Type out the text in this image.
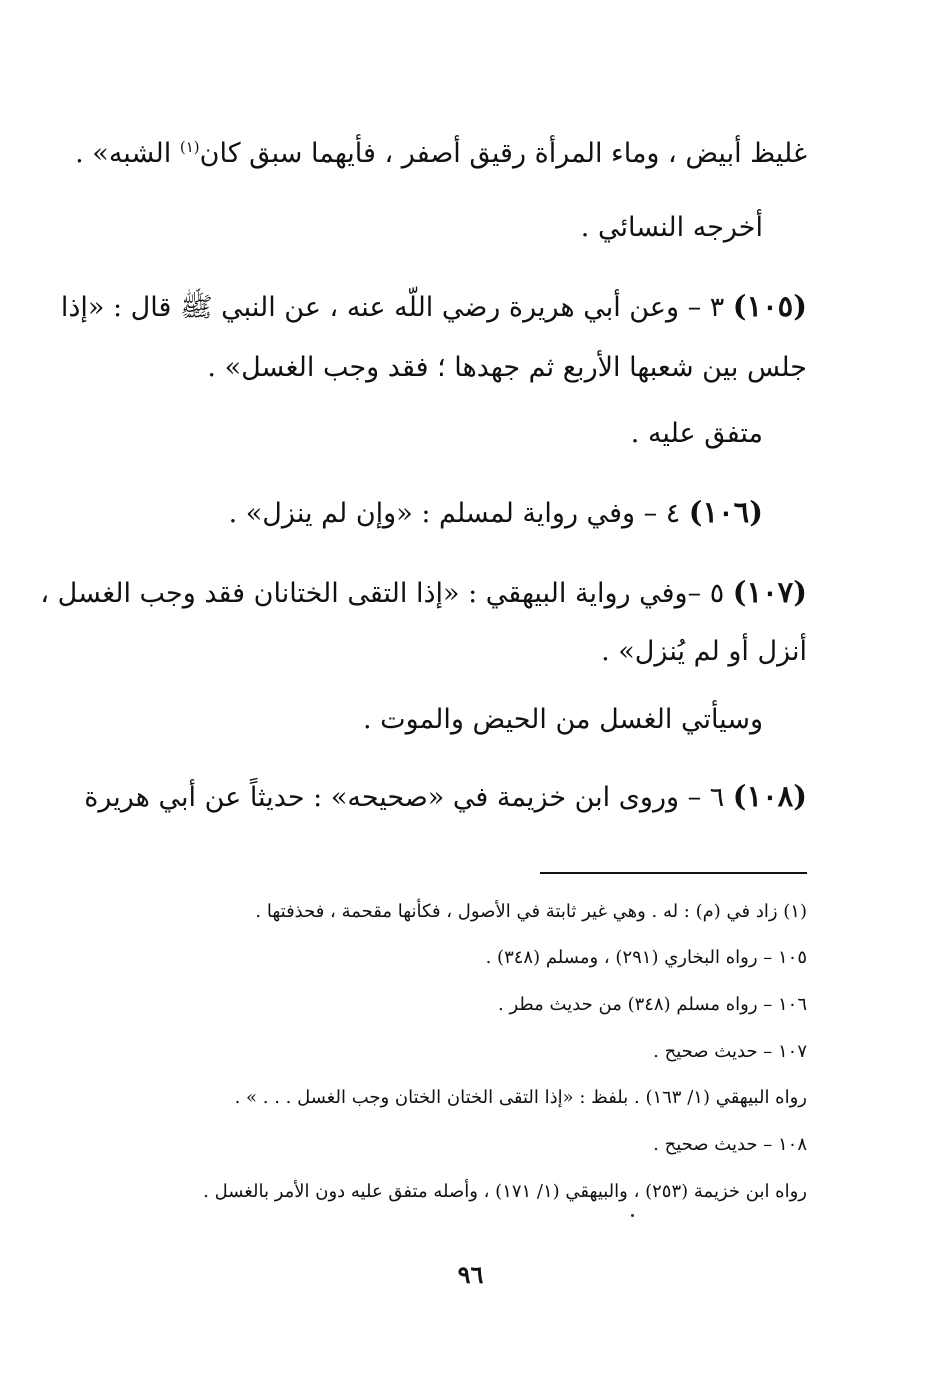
غليظ أبيض ، وماء المرأة رقيق أصفر ، فأيهما سبق كان$^{(١)}$ الشبه» .
أخرجه النسائي .
(١٠٥) ٣ – وعن أبي هريرة رضي اللّه عنه ، عن النبي ﷺ قال : «إذا
جلس بين شعبها الأربع ثم جهدها ؛ فقد وجب الغسل» .
متفق عليه .
(١٠٦) ٤ – وفي رواية لمسلم : «وإن لم ينزل» .
(١٠٧) ٥ –وفي رواية البيهقي : «إذا التقى الختانان فقد وجب الغسل ،
أنزل أو لم يُنزل» .
وسيأتي الغسل من الحيض والموت .
(١٠٨) ٦ – وروى ابن خزيمة في «صحيحه» : حديثاً عن أبي هريرة
(١) زاد في (م) : له . وهي غير ثابتة في الأصول ، فكأنها مقحمة ، فحذفتها .
١٠٥ – رواه البخاري (٢٩١) ، ومسلم (٣٤٨) .
١٠٦ – رواه مسلم (٣٤٨) من حديث مطر .
١٠٧ – حديث صحيح .
رواه البيهقي (١/ ١٦٣) . بلفظ : «إذا التقى الختان الختان وجب الغسل . . . » .
١٠٨ – حديث صحيح .
رواه ابن خزيمة (٢٥٣) ، والبيهقي (١/ ١٧١) ، وأصله متفق عليه دون الأمر بالغسل .
٩٦
